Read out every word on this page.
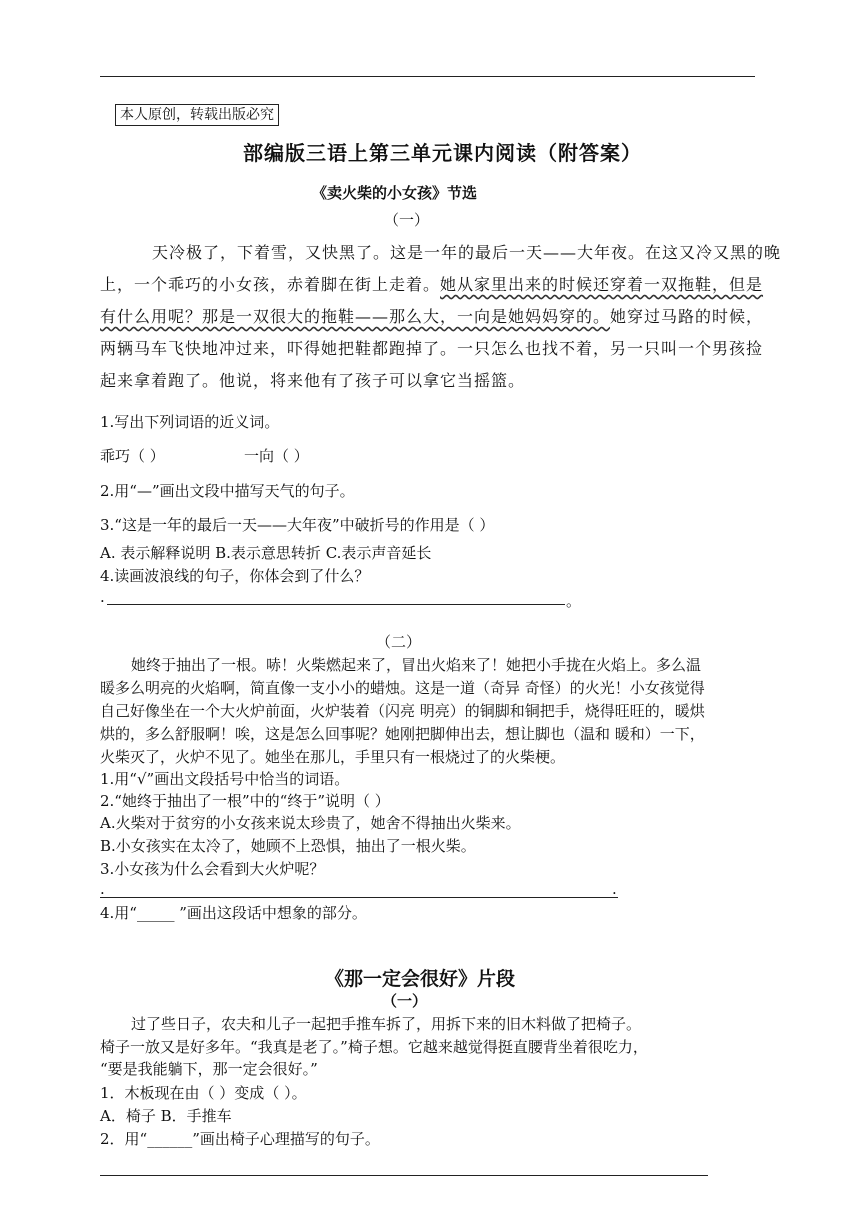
本人原创，转载出版必究
部编版三语上第三单元课内阅读（附答案）
《卖火柴的小女孩》节选
（一）
天冷极了，下着雪，又快黑了。这是一年的最后一天——大年夜。在这又冷又黑的晚
上，一个乖巧的小女孩，赤着脚在街上走着。她从家里出来的时候还穿着一双拖鞋，但是
有什么用呢？那是一双很大的拖鞋——那么大，一向是她妈妈穿的。她穿过马路的时候，
两辆马车飞快地冲过来，吓得她把鞋都跑掉了。一只怎么也找不着，另一只叫一个男孩捡
起来拿着跑了。他说，将来他有了孩子可以拿它当摇篮。
1.写出下列词语的近义词。
乖巧（ ）	一向（ ）
2.用“—”画出文段中描写天气的句子。
3.“这是一年的最后一天——大年夜”中破折号的作用是（ ）
A. 表示解释说明 B.表示意思转折 C.表示声音延长
4.读画波浪线的句子，你体会到了什么？
·	。
（二）
她终于抽出了一根。哧！火柴燃起来了，冒出火焰来了！她把小手拢在火焰上。多么温
暖多么明亮的火焰啊，简直像一支小小的蜡烛。这是一道（奇异 奇怪）的火光！小女孩觉得
自己好像坐在一个大火炉前面，火炉装着（闪亮 明亮）的铜脚和铜把手，烧得旺旺的，暖烘
烘的，多么舒服啊！唉，这是怎么回事呢？她刚把脚伸出去，想让脚也（温和 暖和）一下，
火柴灭了，火炉不见了。她坐在那儿，手里只有一根烧过了的火柴梗。
1.用“√”画出文段括号中恰当的词语。
2.“她终于抽出了一根”中的“终于”说明（ ）
A.火柴对于贫穷的小女孩来说太珍贵了，她舍不得抽出火柴来。
B.小女孩实在太冷了，她顾不上恐惧，抽出了一根火柴。
3.小女孩为什么会看到大火炉呢？
.	.
4.用“_____ ”画出这段话中想象的部分。
《那一定会很好》片段
（一）
过了些日子，农夫和儿子一起把手推车拆了，用拆下来的旧木料做了把椅子。
椅子一放又是好多年。“我真是老了。”椅子想。它越来越觉得挺直腰背坐着很吃力，
“要是我能躺下，那一定会很好。”
1．木板现在由（ ）变成（ ）。
A．椅子 B．手推车
2．用“______”画出椅子心理描写的句子。
